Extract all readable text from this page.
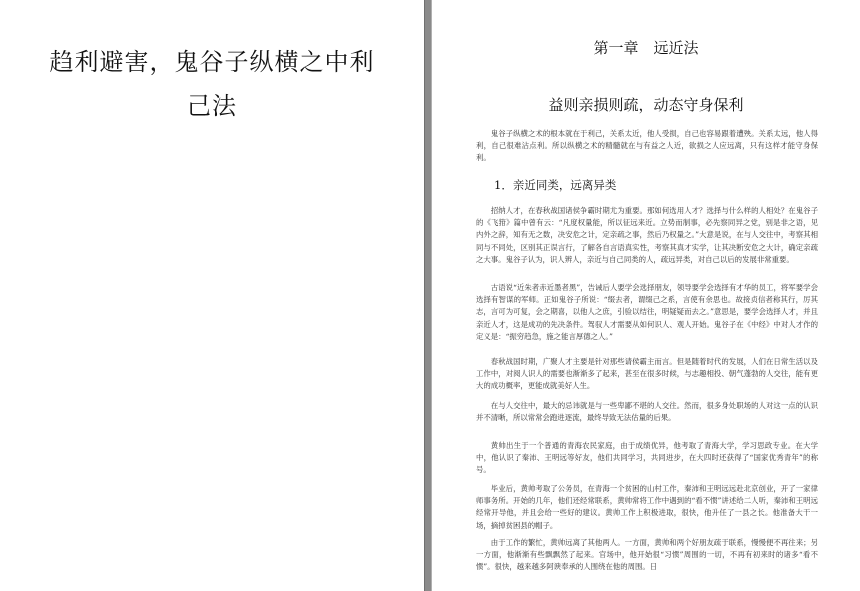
趋利避害，鬼谷子纵横之中利
己法
第一章　远近法
益则亲损则疏，动态守身保利

鬼谷子纵横之术的根本就在于利己，关系太近，他人受损，自己也容易跟着遭殃。关系太远，他人得利，自己很难沾点利。所以纵横之术的精髓就在与有益之人近，欲损之人应远离，只有这样才能守身保利。

1．亲近同类，远离异类

招纳人才，在春秋战国诸侯争霸时期尤为重要。那如何选用人才？选择与什么样的人相处？在鬼谷子的《飞箝》篇中曾有云：“凡度权量能，所以征远来近。立势而制事，必先察同异之党，别是非之语，见内外之辞，知有无之数，决安危之计，定亲疏之事，然后乃权量之。”大意是说，在与人交往中，考察其相同与不同处，区别其正误言行，了解各自言语真实性，考察其真才实学，让其决断安危之大计，确定亲疏之大事。鬼谷子认为，识人辨人，亲近与自己同类的人，疏远异类，对自己以后的发展非常重要。

古语说“近朱者赤近墨者黑”，告诫后人要学会选择朋友，领导要学会选择有才华的员工，将军要学会选择有智谋的军师。正如鬼谷子所说：“缀去者，谓缀己之系，言使有余思也。故接贞信者称其行，厉其志，言可为可复，会之期喜，以他人之庶，引验以结往，明疑疑而去之。”意思是，要学会选择人才，并且亲近人才，这是成功的先决条件。驾驭人才需要从如何识人、观人开始。鬼谷子在《中经》中对人才作的定义是：“振穷趋急，施之能言厚德之人。”

春秋战国时期，广聚人才主要是针对那些请侯霸主而言。但是随着时代的发展，人们在日常生活以及工作中，对阅人识人的需要也渐渐多了起来，甚至在很多时候，与志趣相投、朝气蓬勃的人交往，能有更大的成功概率，更能成就美好人生。

在与人交往中，最大的忌讳就是与一些卑鄙不堪的人交往。然而，很多身处职场的人对这一点的认识并不清晰，所以常常会跑进逐流，最终导致无法估量的后果。

黄帅出生于一个普通的青海农民家庭，由于成绩优异，他考取了青海大学，学习思政专业。在大学中，他认识了秦沛、王明远等好友，他们共同学习，共同进步，在大四时还获得了“国家优秀青年”的称号。

毕业后，黄帅考取了公务员，在青海一个贫困的山村工作，秦沛和王明远远赴北京创业，开了一家律师事务所。开始的几年，他们还经常联系，黄帅常将工作中遇到的“看不惯”讲述给二人听，秦沛和王明远经常开导他，并且会给一些好的建议。黄帅工作上积极进取，很快，他升任了一县之长。他准备大干一场，摘掉贫困县的帽子。

由于工作的繁忙，黄帅远离了其他两人。一方面，黄帅和两个好朋友疏于联系，慢慢便不再往来；另一方面，他渐渐有些飘飘然了起来。官场中，他开始很“习惯”周围的一切，不再有初来时的诸多“看不惯”。很快，越来越多阿谀奉承的人围绕在他的周围。日
